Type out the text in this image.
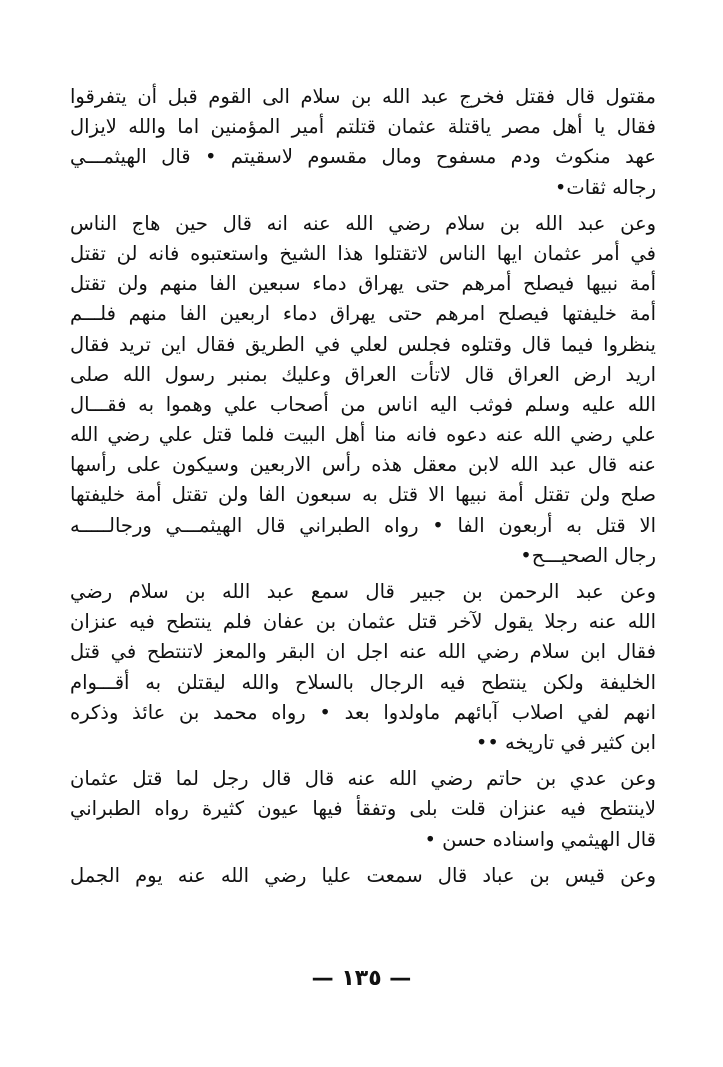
مقتول قال فقتل فخرج عبد الله بن سلام الى القوم قبل أن يتفرقوا
فقال يا أهل مصر ياقتلة عثمان قتلتم أمير المؤمنين اما والله لايزال
عهد منكوث ودم مسفوح ومال مقسوم لاسقيتم • قال الهيثمـــي
رجاله ثقات•
وعن عبد الله بن سلام رضي الله عنه انه قال حين هاج الناس
في أمر عثمان ايها الناس لاتقتلوا هذا الشيخ واستعتبوه فانه لن تقتل
أمة نبيها فيصلح أمرهم حتى يهراق دماء سبعين الفا منهم ولن تقتل
أمة خليفتها فيصلح امرهم حتى يهراق دماء اربعين الفا منهم فلـــم
ينظروا فيما قال وقتلوه فجلس لعلي في الطريق فقال اين تريد فقال
اريد ارض العراق قال لاتأت العراق وعليك بمنبر رسول الله صلى
الله عليه وسلم فوثب اليه اناس من أصحاب علي وهموا به فقـــال
علي رضي الله عنه دعوه فانه منا أهل البيت فلما قتل علي رضي الله
عنه قال عبد الله لابن معقل هذه رأس الاربعين وسيكون على رأسها
صلح ولن تقتل أمة نبيها الا قتل به سبعون الفا ولن تقتل أمة خليفتها
الا قتل به أربعون الفا • رواه الطبراني قال الهيثمـــي ورجالـــــه
رجال الصحيـــح•
وعن عبد الرحمن بن جبير قال سمع عبد الله بن سلام رضي
الله عنه رجلا يقول لآخر قتل عثمان بن عفان فلم ينتطح فيه عنزان
فقال ابن سلام رضي الله عنه اجل ان البقر والمعز لاتنتطح في قتل
الخليفة ولكن ينتطح فيه الرجال بالسلاح والله ليقتلن به أقـــوام
انهم لفي اصلاب آبائهم ماولدوا بعد • رواه محمد بن عائذ وذكره
ابن كثير في تاريخه ••
وعن عدي بن حاتم رضي الله عنه قال قال رجل لما قتل عثمان
لاينتطح فيه عنزان قلت بلى وتفقأ فيها عيون كثيرة رواه الطبراني
قال الهيثمي واسناده حسن •
وعن قيس بن عباد قال سمعت عليا رضي الله عنه يوم الجمل
— ١٣٥ —
